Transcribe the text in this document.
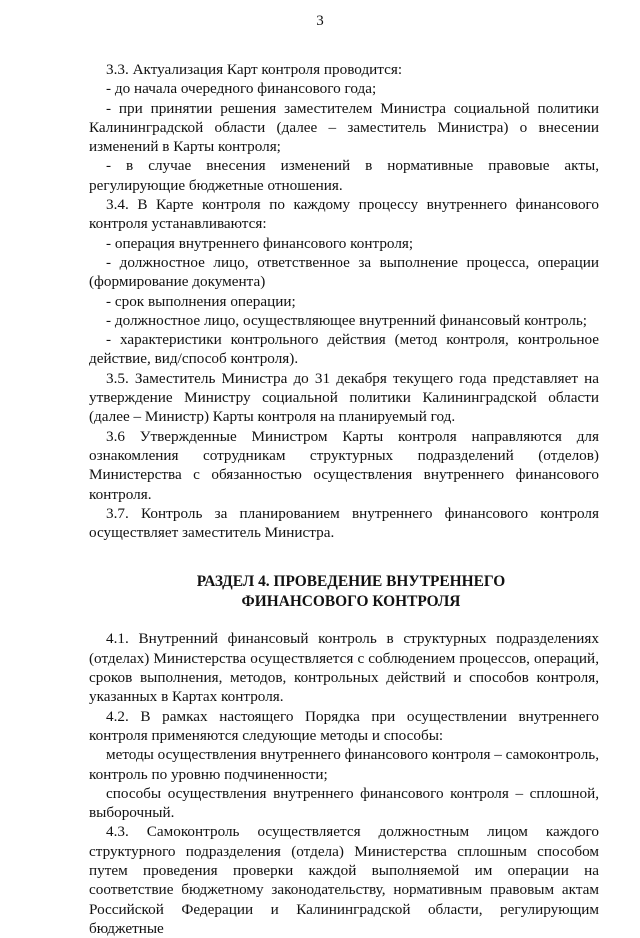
3

3.3. Актуализация Карт контроля проводится:

- до начала очередного финансового года;

- при принятии решения заместителем Министра социальной политики Калининградской области (далее – заместитель Министра) о внесении изменений в Карты контроля;

- в случае внесения изменений в нормативные правовые акты, регулирующие бюджетные отношения.

3.4. В Карте контроля по каждому процессу внутреннего финансового контроля устанавливаются:

- операция внутреннего финансового контроля;

- должностное лицо, ответственное за выполнение процесса, операции (формирование документа)

- срок выполнения операции;

- должностное лицо, осуществляющее внутренний финансовый контроль;

- характеристики контрольного действия (метод контроля, контрольное действие, вид/способ контроля).

3.5. Заместитель Министра до 31 декабря текущего года представляет на утверждение Министру социальной политики Калининградской области (далее – Министр) Карты контроля на планируемый год.

3.6 Утвержденные Министром Карты контроля направляются для ознакомления сотрудникам структурных подразделений (отделов) Министерства с обязанностью осуществления внутреннего финансового контроля.

3.7. Контроль за планированием внутреннего финансового контроля осуществляет заместитель Министра.

РАЗДЕЛ 4. ПРОВЕДЕНИЕ ВНУТРЕННЕГО
ФИНАНСОВОГО КОНТРОЛЯ

4.1. Внутренний финансовый контроль в структурных подразделениях (отделах) Министерства осуществляется с соблюдением процессов, операций, сроков выполнения, методов, контрольных действий и способов контроля, указанных в Картах контроля.

4.2. В рамках настоящего Порядка при осуществлении внутреннего контроля применяются следующие методы и способы:

методы осуществления внутреннего финансового контроля – самоконтроль, контроль по уровню подчиненности;

способы осуществления внутреннего финансового контроля – сплошной, выборочный.

4.3. Самоконтроль осуществляется должностным лицом каждого структурного подразделения (отдела) Министерства сплошным способом путем проведения проверки каждой выполняемой им операции на соответствие бюджетному законодательству, нормативным правовым актам Российской Федерации и Калининградской области, регулирующим бюджетные
